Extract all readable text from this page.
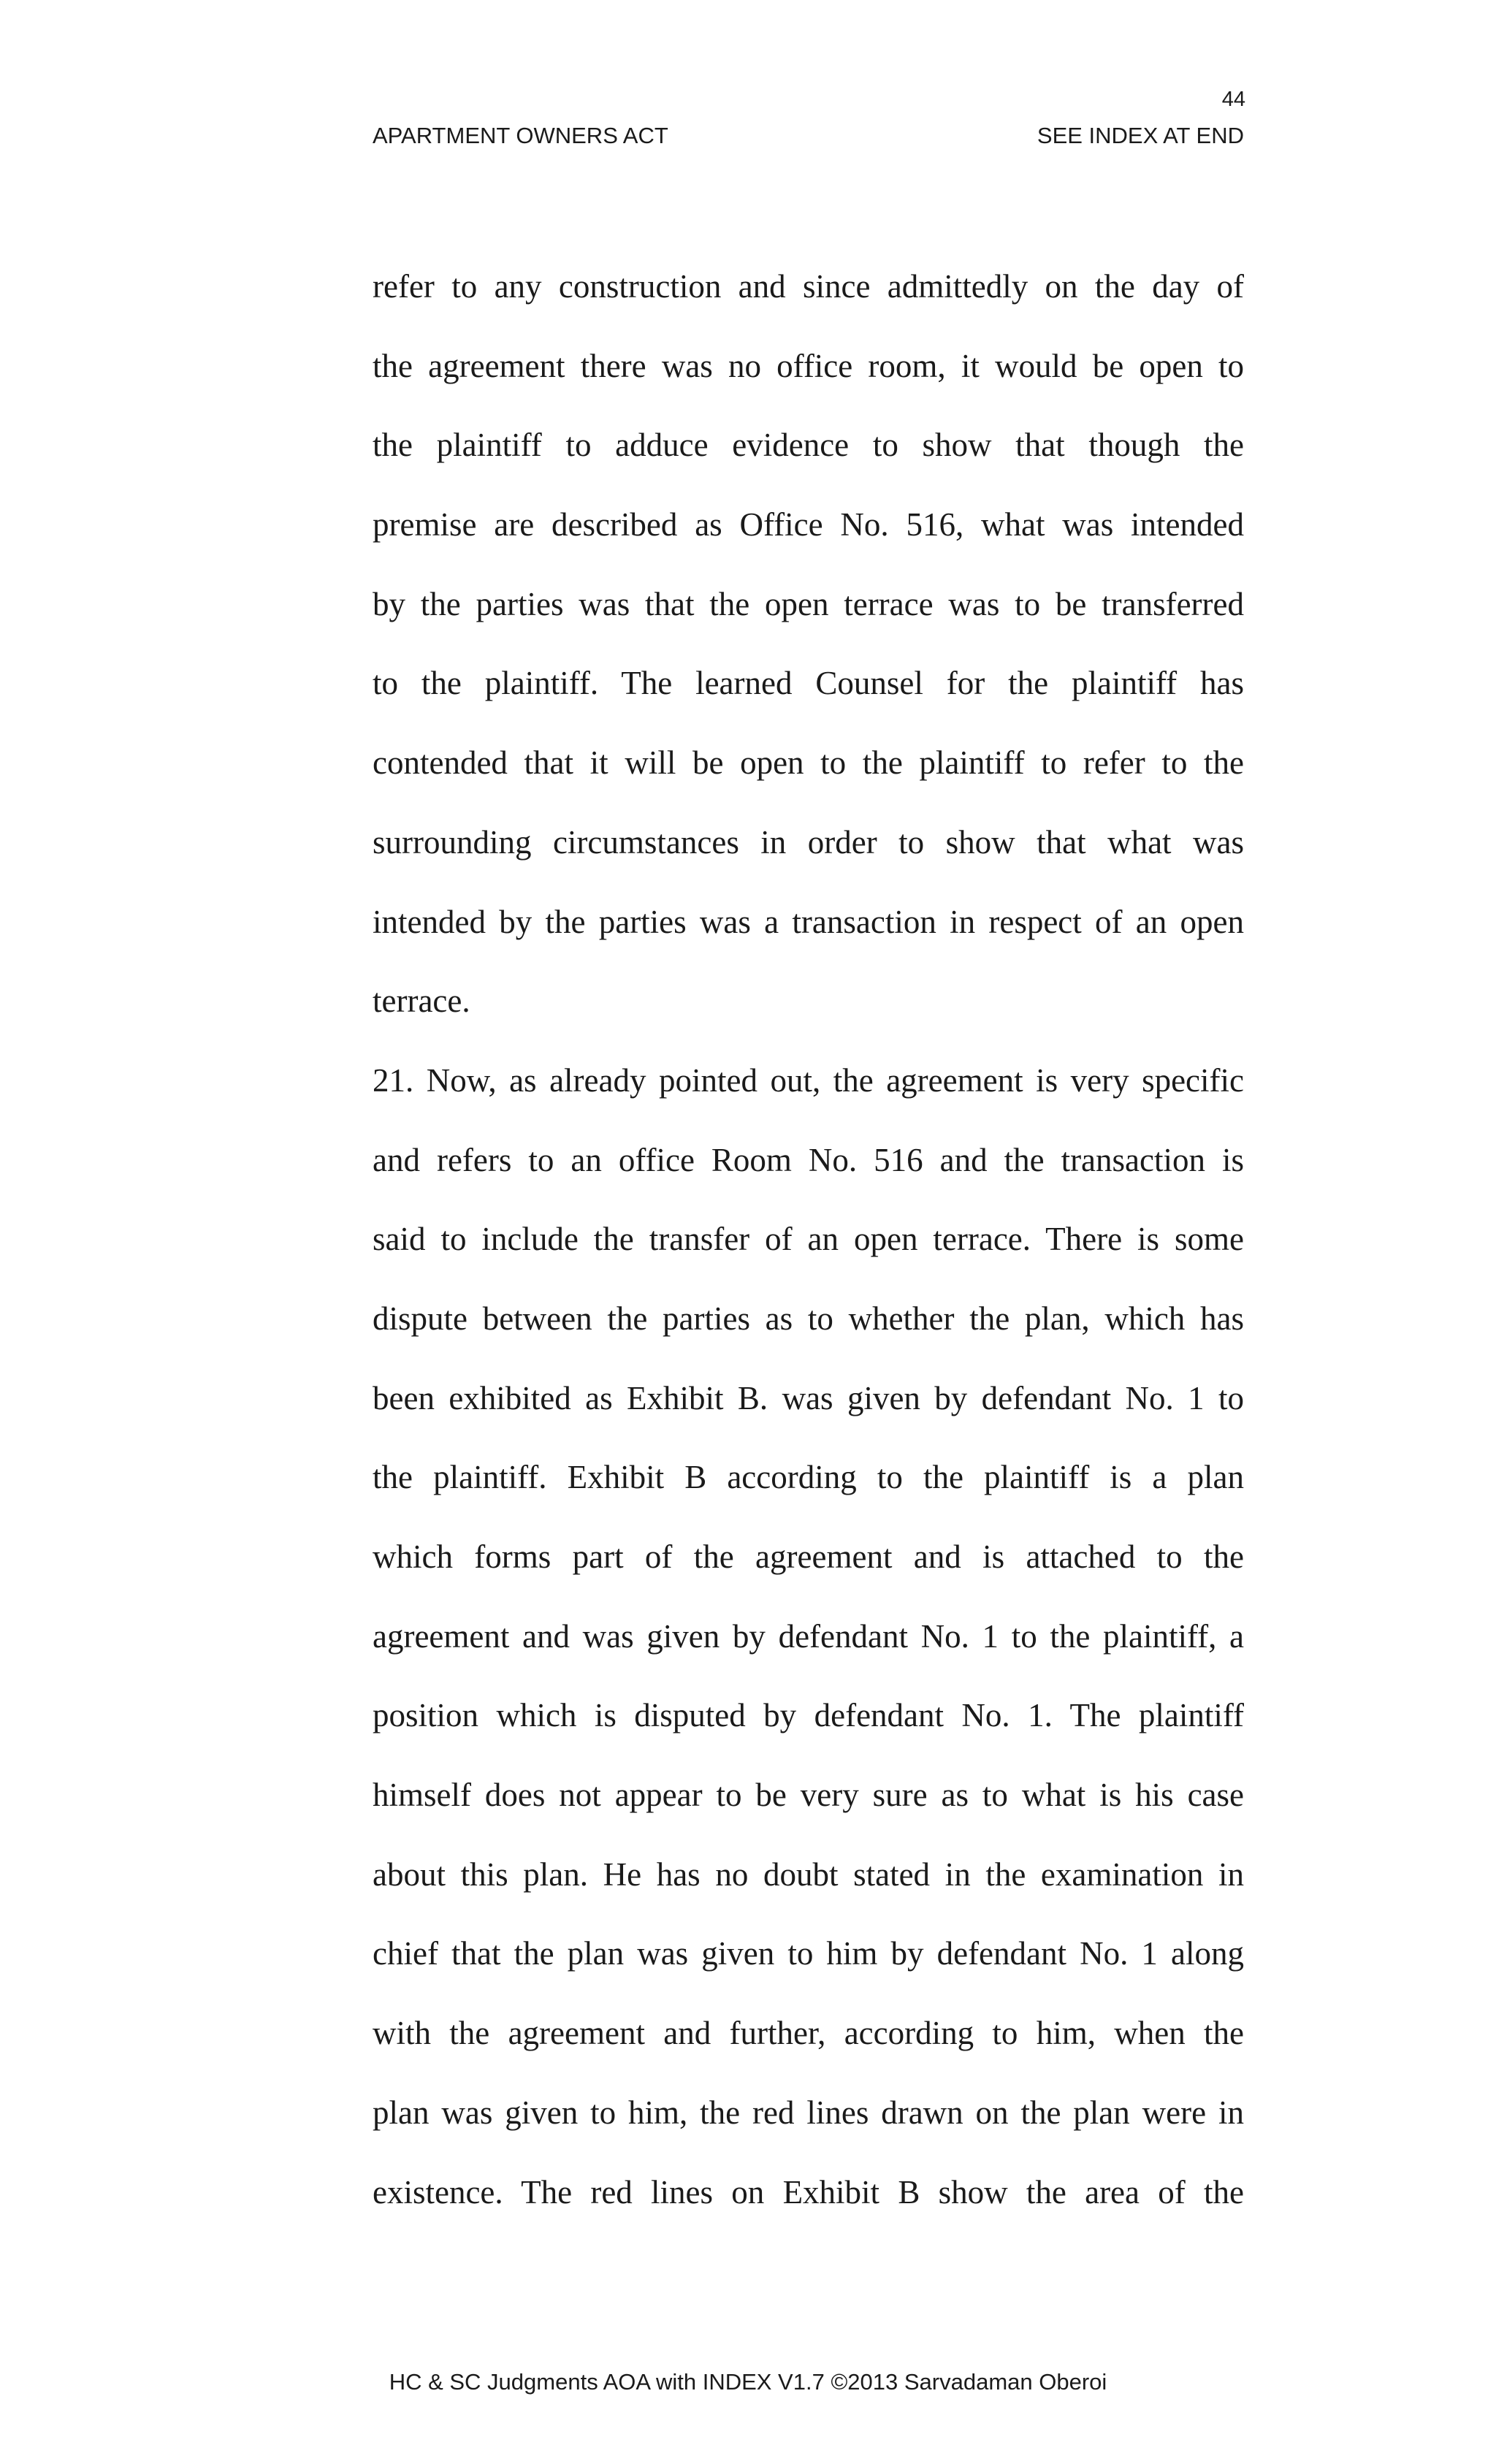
44
APARTMENT OWNERS ACT	SEE INDEX AT END
refer to any construction and since admittedly on the day of
the agreement there was no office room, it would be open to
the plaintiff to adduce evidence to show that though the
premise are described as Office No. 516, what was intended
by the parties was that the open terrace was to be transferred
to the plaintiff. The learned Counsel for the plaintiff has
contended that it will be open to the plaintiff to refer to the
surrounding circumstances in order to show that what was
intended by the parties was a transaction in respect of an open
terrace.
21. Now, as already pointed out, the agreement is very specific
and refers to an office Room No. 516 and the transaction is
said to include the transfer of an open terrace. There is some
dispute between the parties as to whether the plan, which has
been exhibited as Exhibit B. was given by defendant No. 1 to
the plaintiff. Exhibit B according to the plaintiff is a plan
which forms part of the agreement and is attached to the
agreement and was given by defendant No. 1 to the plaintiff, a
position which is disputed by defendant No. 1. The plaintiff
himself does not appear to be very sure as to what is his case
about this plan. He has no doubt stated in the examination in
chief that the plan was given to him by defendant No. 1 along
with the agreement and further, according to him, when the
plan was given to him, the red lines drawn on the plan were in
existence. The red lines on Exhibit B show the area of the
HC & SC Judgments AOA with INDEX V1.7 ©2013 Sarvadaman Oberoi
